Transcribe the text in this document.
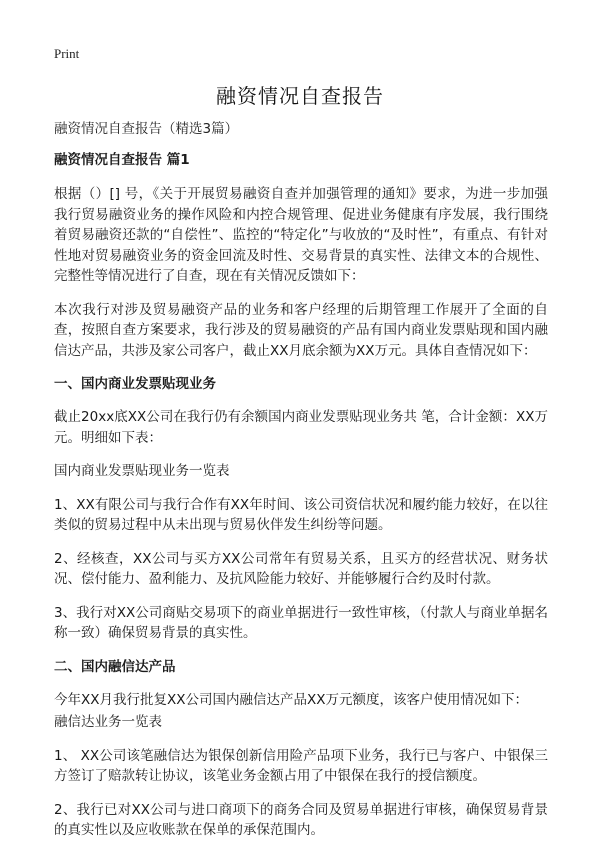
Print
融资情况自查报告
融资情况自查报告（精选3篇）
融资情况自查报告 篇1

根据（）[] 号，《关于开展贸易融资自查并加强管理的通知》要求，为进一步加强我行贸易融资业务的操作风险和内控合规管理、促进业务健康有序发展，我行围绕着贸易融资还款的“自偿性”、监控的“特定化”与收放的“及时性”，有重点、有针对性地对贸易融资业务的资金回流及时性、交易背景的真实性、法律文本的合规性、完整性等情况进行了自查，现在有关情况反馈如下：

本次我行对涉及贸易融资产品的业务和客户经理的后期管理工作展开了全面的自查，按照自查方案要求，我行涉及的贸易融资的产品有国内商业发票贴现和国内融信达产品，共涉及家公司客户，截止XX月底余额为XX万元。具体自查情况如下：

一、国内商业发票贴现业务

截止20xx底XX公司在我行仍有余额国内商业发票贴现业务共 笔，合计金额：XX万元。明细如下表：

国内商业发票贴现业务一览表

1、XX有限公司与我行合作有XX年时间、该公司资信状况和履约能力较好，在以往类似的贸易过程中从未出现与贸易伙伴发生纠纷等问题。

2、经核查，XX公司与买方XX公司常年有贸易关系，且买方的经营状况、财务状况、偿付能力、盈利能力、及抗风险能力较好、并能够履行合约及时付款。

3、我行对XX公司商贴交易项下的商业单据进行一致性审核，（付款人与商业单据名称一致）确保贸易背景的真实性。

二、国内融信达产品

今年XX月我行批复XX公司国内融信达产品XX万元额度，该客户使用情况如下：

融信达业务一览表

1、 XX公司该笔融信达为银保创新信用险产品项下业务，我行已与客户、中银保三方签订了赔款转让协议，该笔业务金额占用了中银保在我行的授信额度。

2、我行已对XX公司与进口商项下的商务合同及贸易单据进行审核，确保贸易背景的真实性以及应收账款在保单的承保范围内。
